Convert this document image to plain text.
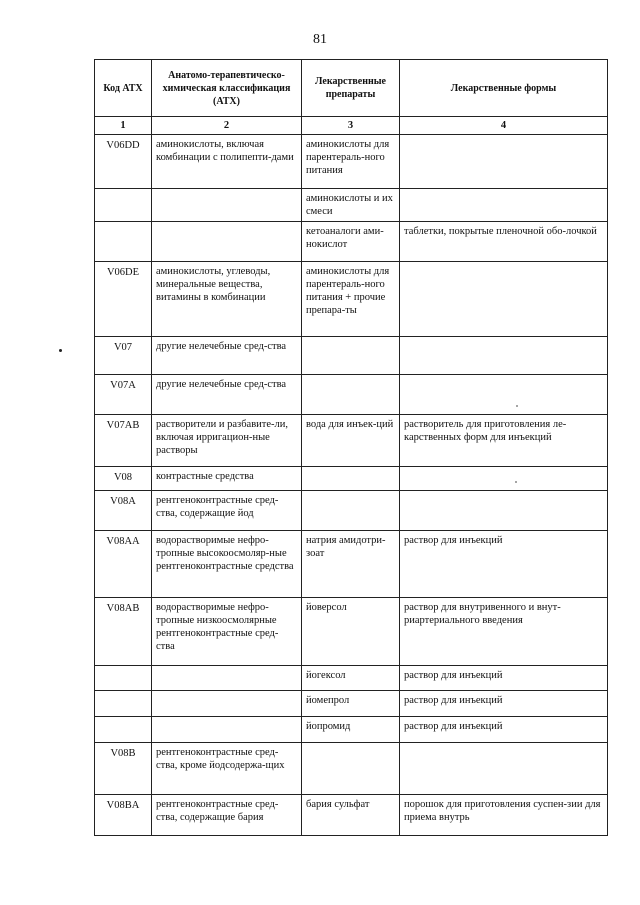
81
Код АТХ	Анатомо-терапевтическо-химическая классификация (АТХ)	Лекарственные препараты	Лекарственные формы
1	2	3	4
V06DD	аминокислоты, включая комбинации с полипепти-дами	аминокислоты для парентераль-ного питания	
		аминокислоты и их смеси	
		кетоаналоги ами-нокислот	таблетки, покрытые пленочной обо-лочкой
V06DE	аминокислоты, углеводы, минеральные вещества, витамины в комбинации	аминокислоты для парентераль-ного питания + прочие препара-ты	
V07	другие нелечебные сред-ства		
V07A	другие нелечебные сред-ства		
V07AB	растворители и разбавите-ли, включая ирригацион-ные растворы	вода для инъек-ций	растворитель для приготовления ле-карственных форм для инъекций
V08	контрастные средства		
V08A	рентгеноконтрастные сред-ства, содержащие йод		
V08AA	водорастворимые нефро-тропные высокоосмоляр-ные рентгеноконтрастные средства	натрия амидотри-зоат	раствор для инъекций
V08AB	водорастворимые нефро-тропные низкоосмолярные рентгеноконтрастные сред-ства	йоверсол	раствор для внутривенного и внут-риартериального введения
		йогексол	раствор для инъекций
		йомепрол	раствор для инъекций
		йопромид	раствор для инъекций
V08B	рентгеноконтрастные сред-ства, кроме йодсодержа-щих		
V08BA	рентгеноконтрастные сред-ства, содержащие бария	бария сульфат	порошок для приготовления суспен-зии для приема внутрь
